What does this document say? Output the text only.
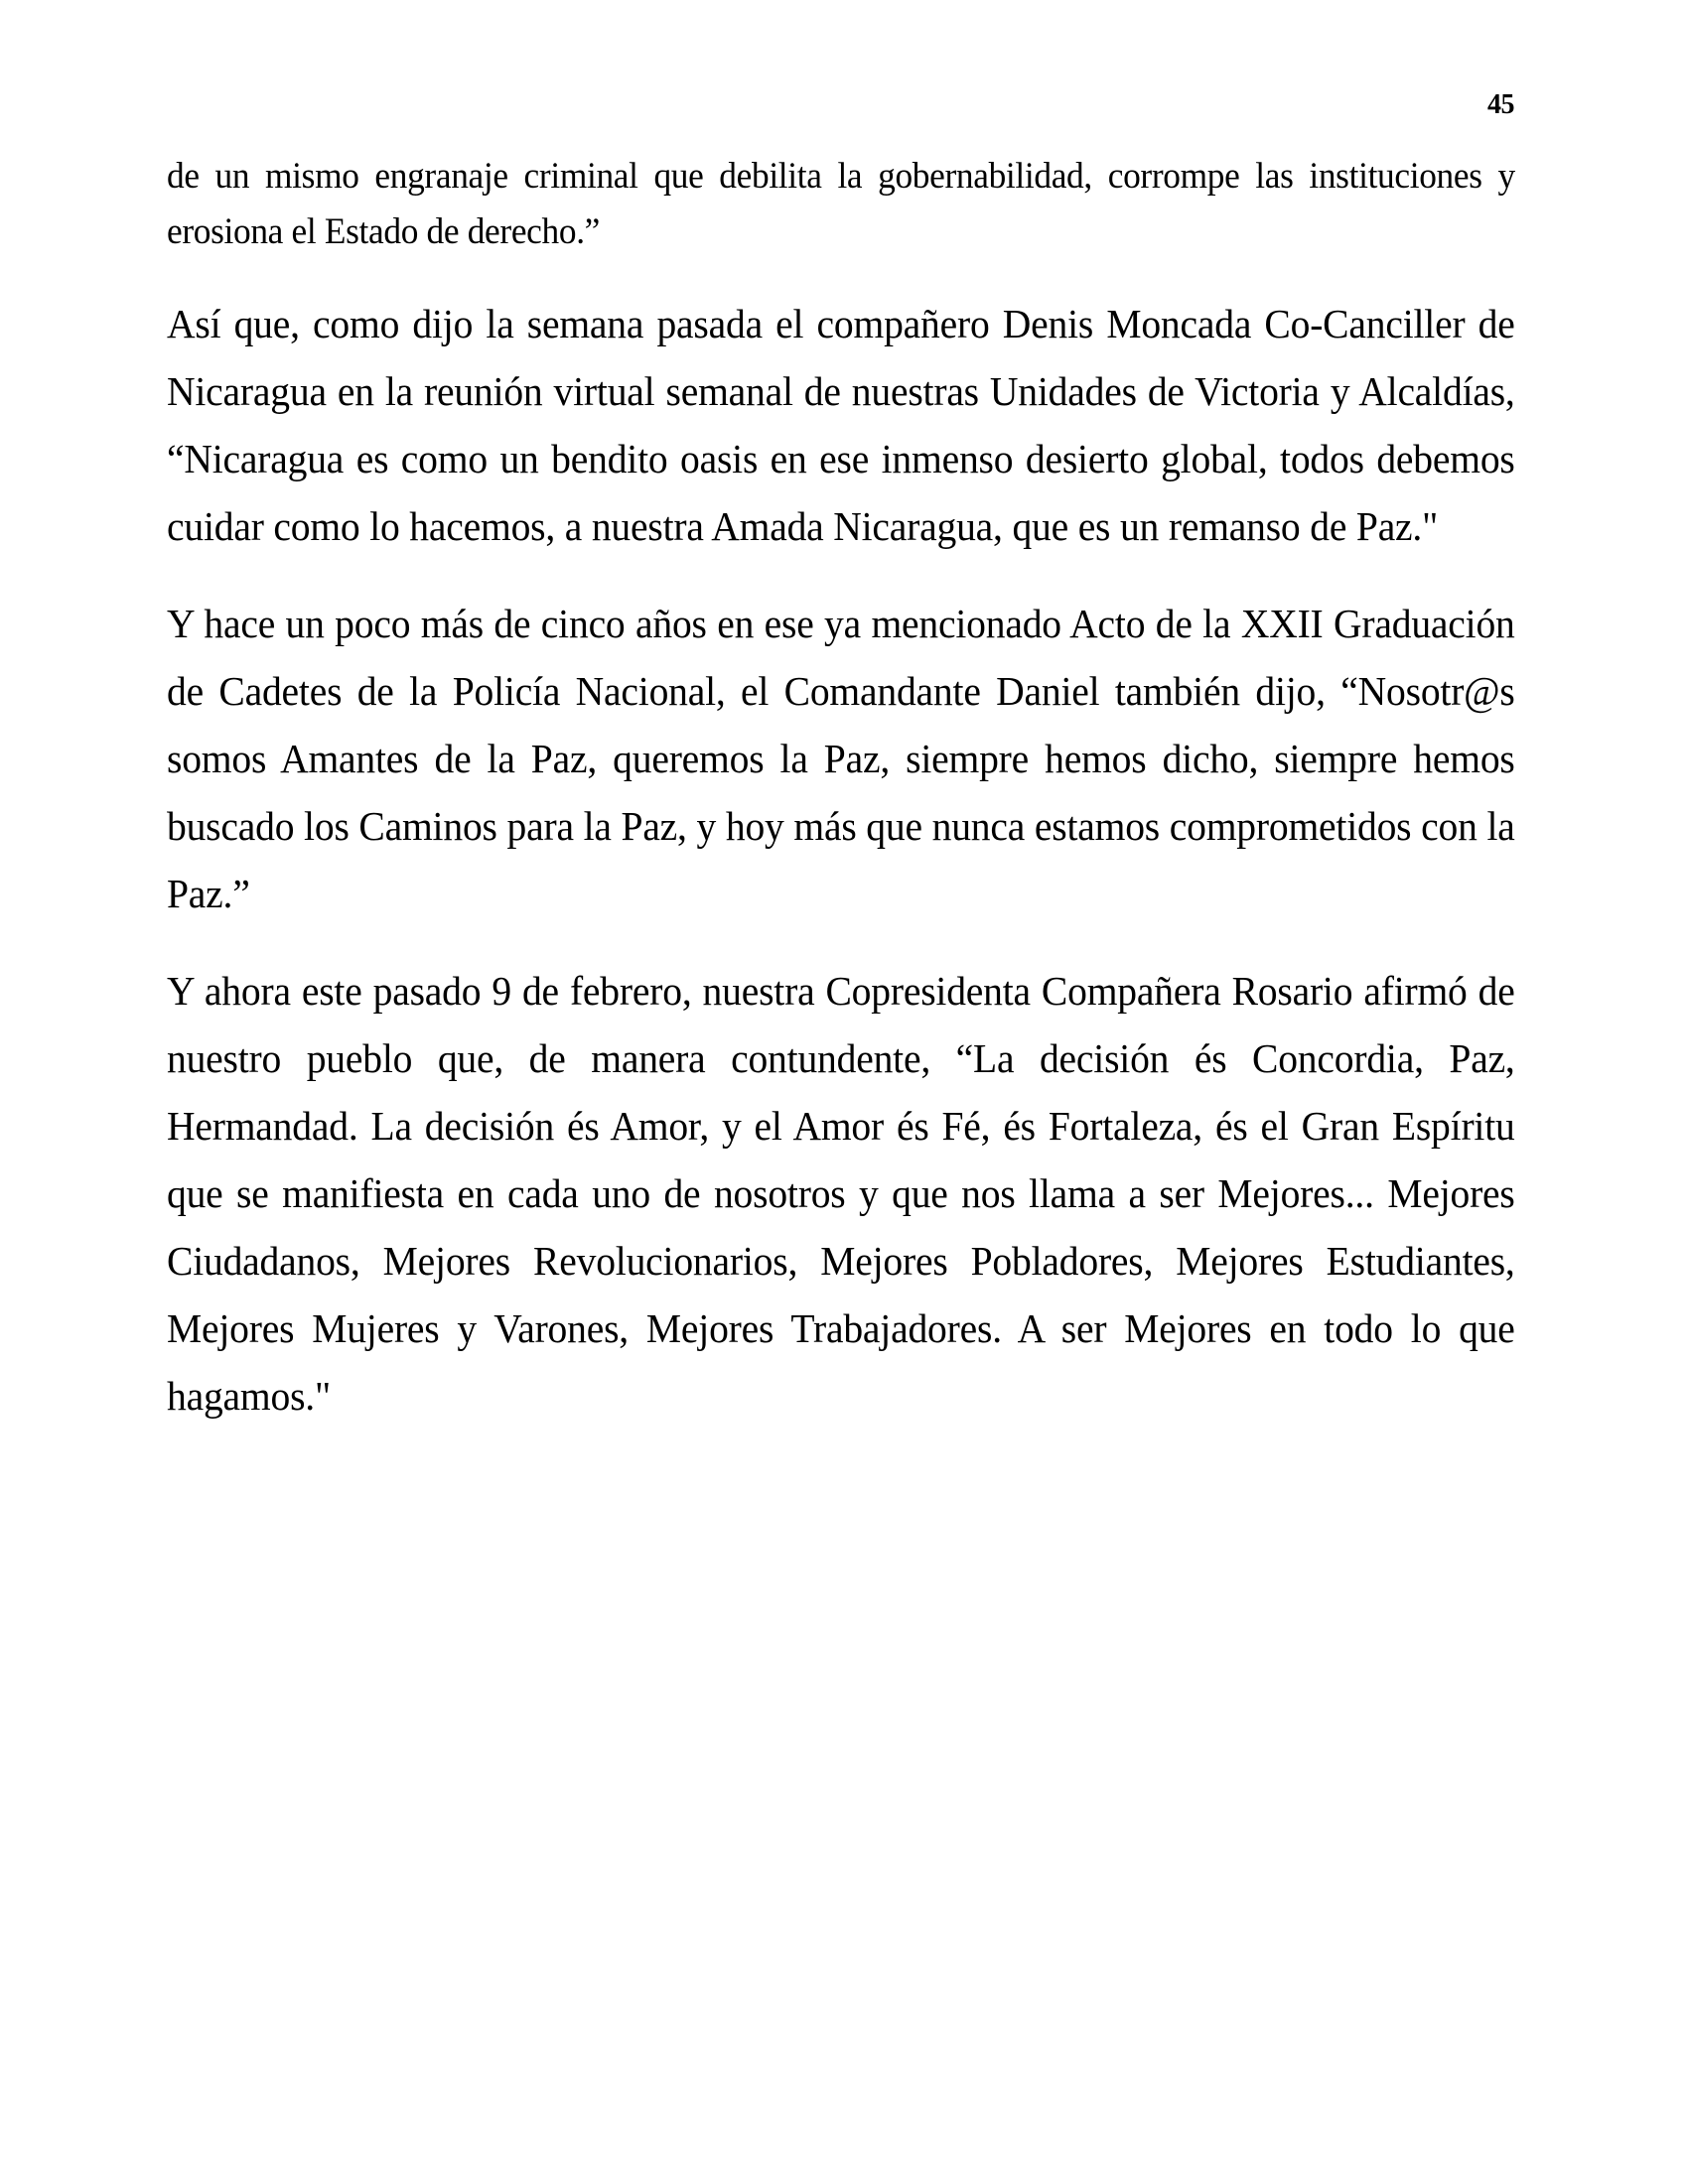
45

de un mismo engranaje criminal que debilita la gobernabilidad, corrompe las instituciones y erosiona el Estado de derecho.”

Así que, como dijo la semana pasada el compañero Denis Moncada Co-Canciller de Nicaragua en la reunión virtual semanal de nuestras Unidades de Victoria y Alcaldías, “Nicaragua es como un bendito oasis en ese inmenso desierto global, todos debemos cuidar como lo hacemos, a nuestra Amada Nicaragua, que es un remanso de Paz."

Y hace un poco más de cinco años en ese ya mencionado Acto de la XXII Graduación de Cadetes de la Policía Nacional, el Comandante Daniel también dijo, “Nosotr@s somos Amantes de la Paz, queremos la Paz, siempre hemos dicho, siempre hemos buscado los Caminos para la Paz, y hoy más que nunca estamos comprometidos con la Paz.”

Y ahora este pasado 9 de febrero, nuestra Copresidenta Compañera Rosario afirmó de nuestro pueblo que, de manera contundente, “La decisión és Concordia, Paz, Hermandad. La decisión és Amor, y el Amor és Fé, és Fortaleza, és el Gran Espíritu que se manifiesta en cada uno de nosotros y que nos llama a ser Mejores... Mejores Ciudadanos, Mejores Revolucionarios, Mejores Pobladores, Mejores Estudiantes, Mejores Mujeres y Varones, Mejores Trabajadores. A ser Mejores en todo lo que hagamos."
